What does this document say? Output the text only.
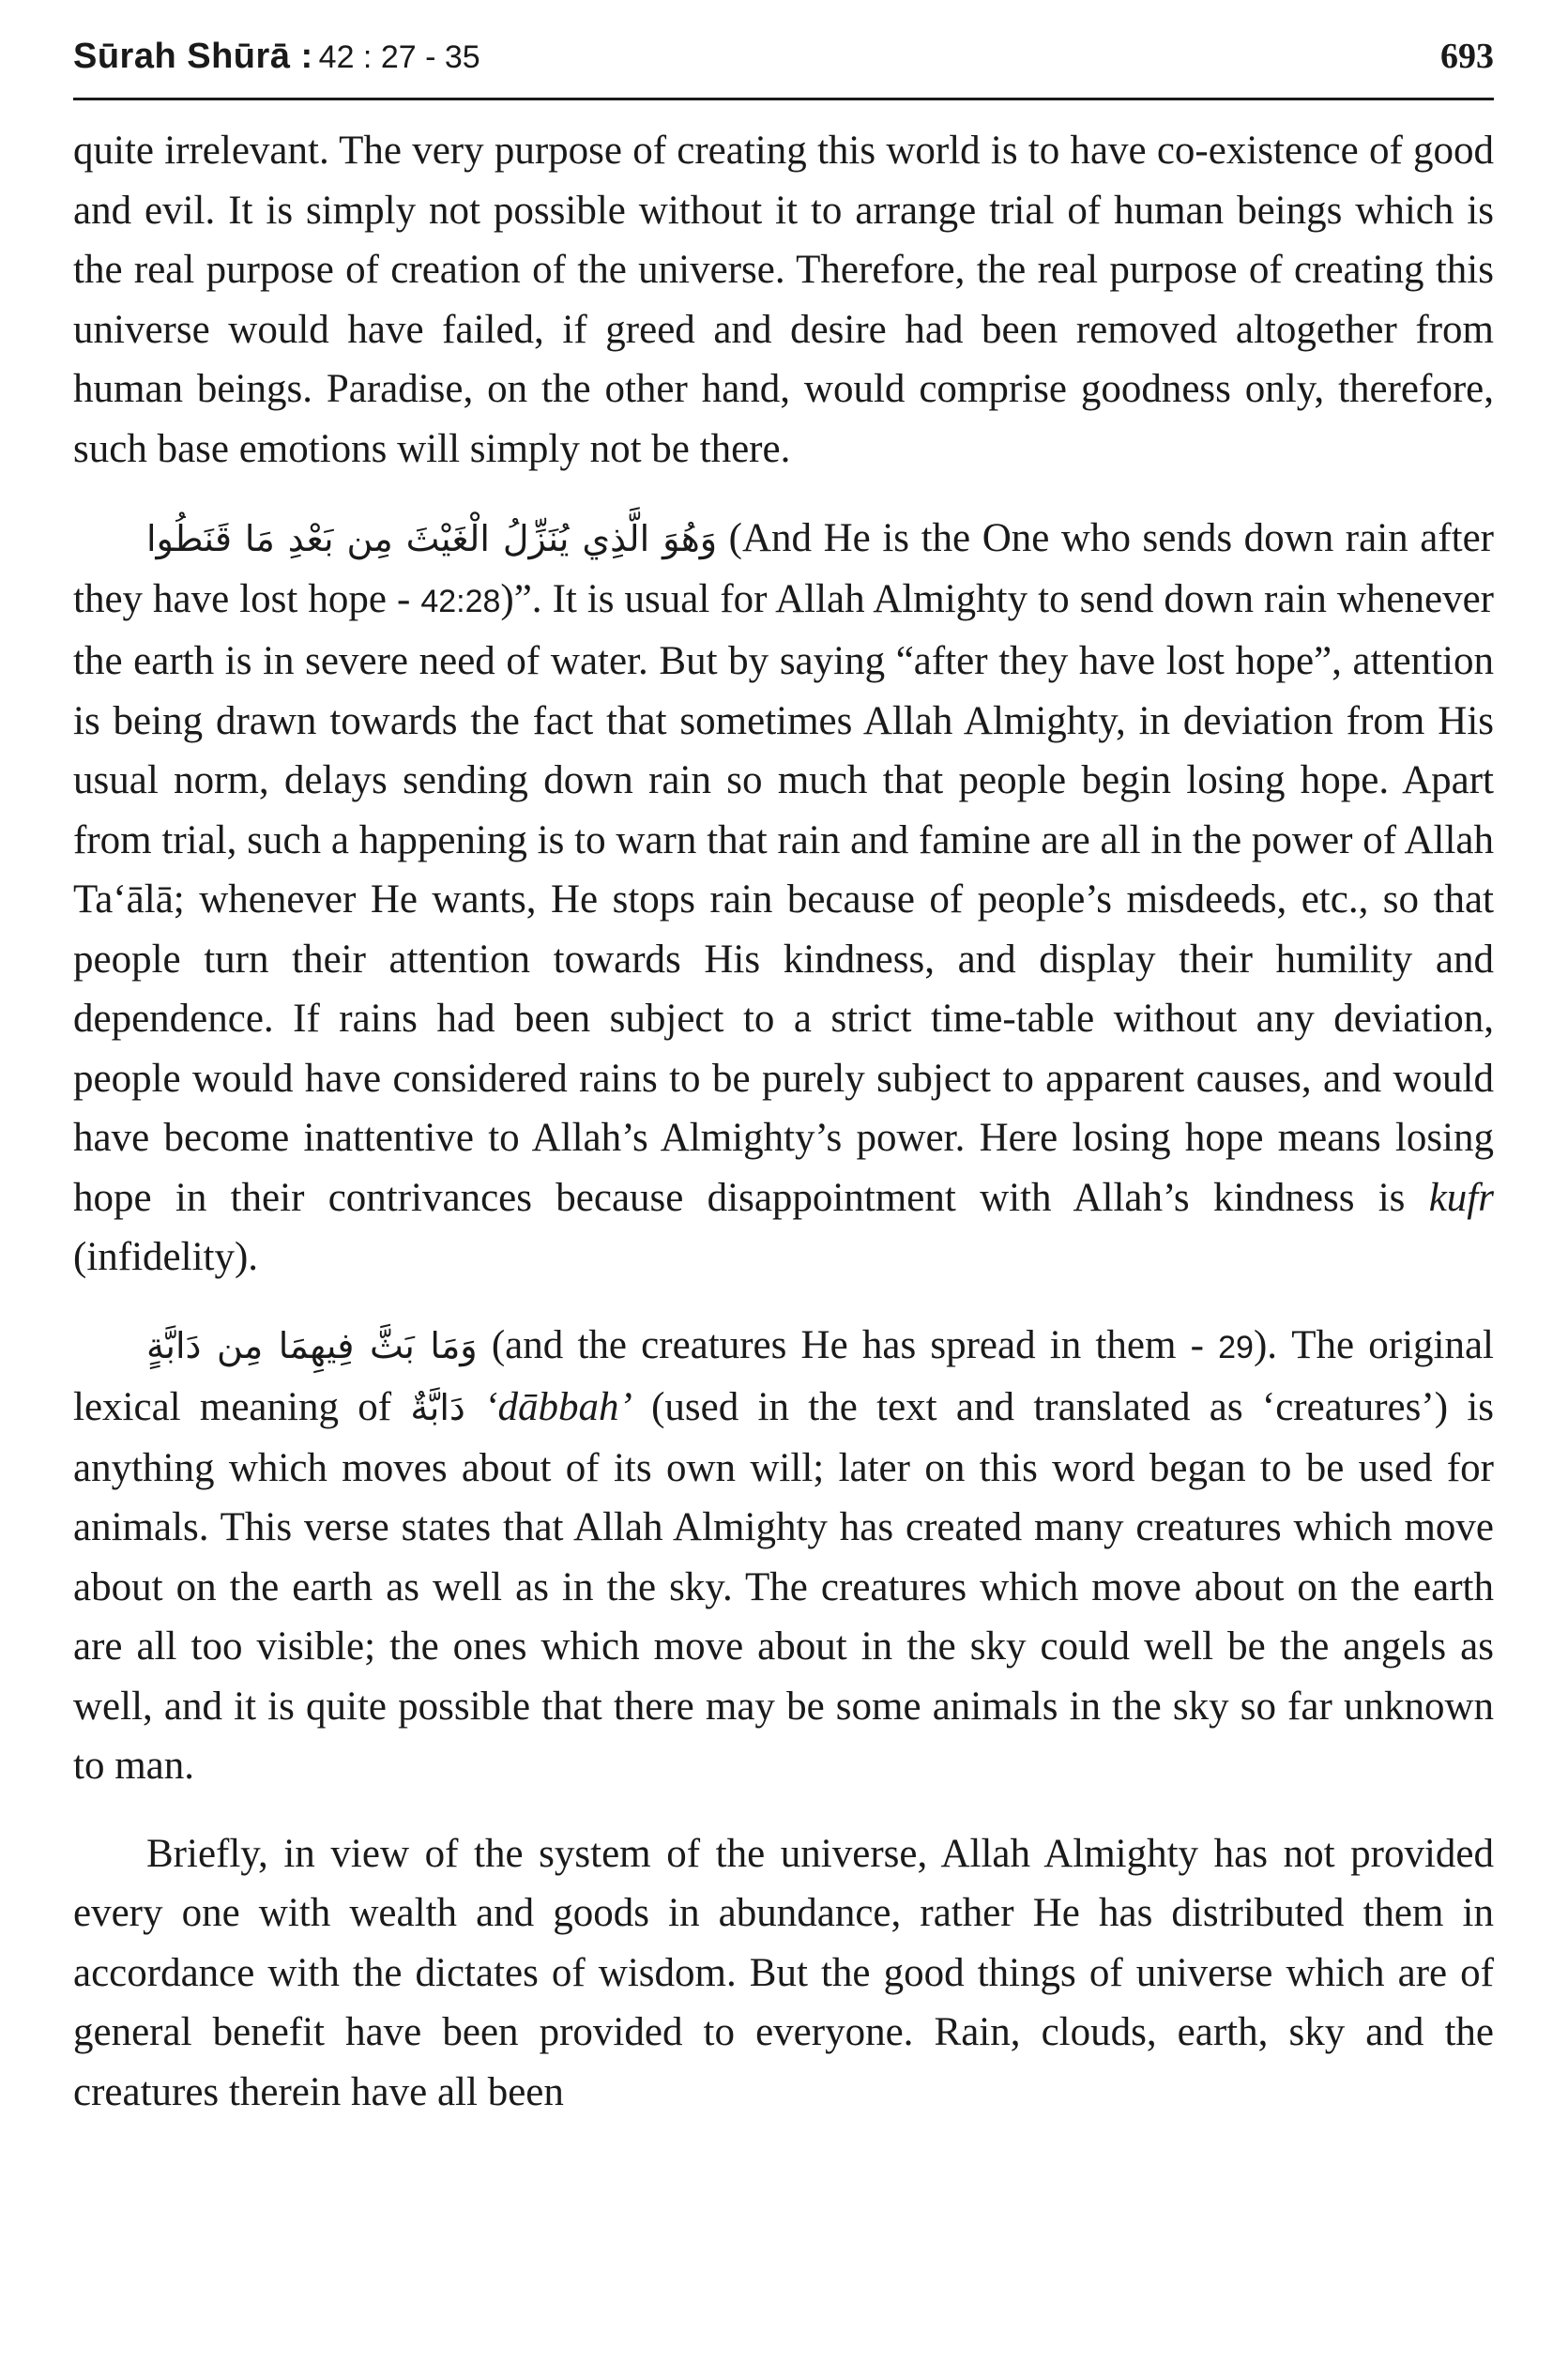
Sūrah Shūrā : 42 : 27 - 35	693

quite irrelevant. The very purpose of creating this world is to have co-existence of good and evil. It is simply not possible without it to arrange trial of human beings which is the real purpose of creation of the universe. Therefore, the real purpose of creating this universe would have failed, if greed and desire had been removed altogether from human beings. Paradise, on the other hand, would comprise goodness only, therefore, such base emotions will simply not be there.

وَهُوَ الَّذِي يُنَزِّلُ الْغَيْثَ مِن بَعْدِ مَا قَنَطُوا (And He is the One who sends down rain after they have lost hope - 42:28)”. It is usual for Allah Almighty to send down rain whenever the earth is in severe need of water. But by saying “after they have lost hope”, attention is being drawn towards the fact that sometimes Allah Almighty, in deviation from His usual norm, delays sending down rain so much that people begin losing hope. Apart from trial, such a happening is to warn that rain and famine are all in the power of Allah Taʻālā; whenever He wants, He stops rain because of people’s misdeeds, etc., so that people turn their attention towards His kindness, and display their humility and dependence. If rains had been subject to a strict time-table without any deviation, people would have considered rains to be purely subject to apparent causes, and would have become inattentive to Allah’s Almighty’s power. Here losing hope means losing hope in their contrivances because disappointment with Allah’s kindness is kufr (infidelity).

وَمَا بَثَّ فِيهِمَا مِن دَابَّةٍ (and the creatures He has spread in them - 29). The original lexical meaning of دَابَّةٌ ‘dābbah’ (used in the text and translated as ‘creatures’) is anything which moves about of its own will; later on this word began to be used for animals. This verse states that Allah Almighty has created many creatures which move about on the earth as well as in the sky. The creatures which move about on the earth are all too visible; the ones which move about in the sky could well be the angels as well, and it is quite possible that there may be some animals in the sky so far unknown to man.

Briefly, in view of the system of the universe, Allah Almighty has not provided every one with wealth and goods in abundance, rather He has distributed them in accordance with the dictates of wisdom. But the good things of universe which are of general benefit have been provided to everyone. Rain, clouds, earth, sky and the creatures therein have all been
